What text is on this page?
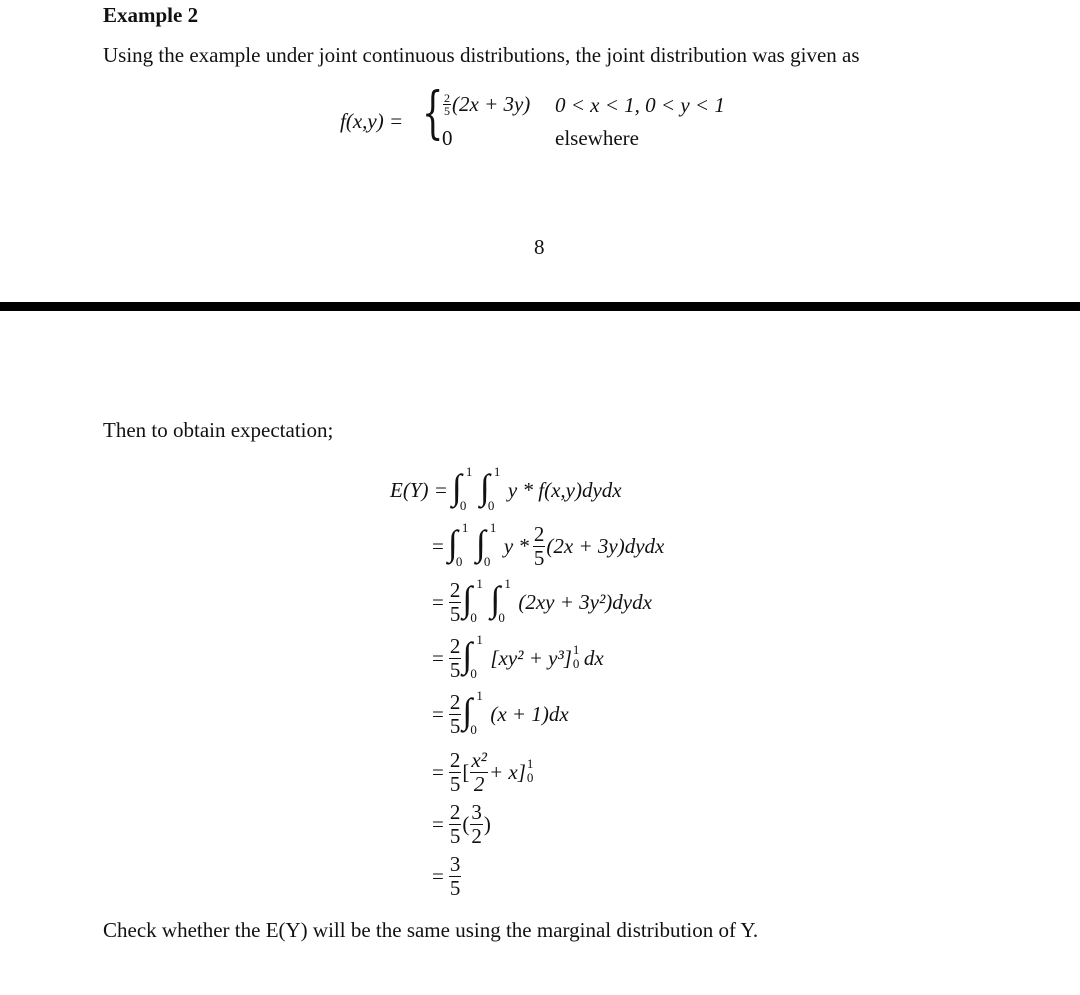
Example 2
Using the example under joint continuous distributions, the joint distribution was given as
f(x,y) = { $\frac{2}{5} (2x + 3y) 0 < x < 1$, 0 < y < 1
0	elsewhere
8
Then to obtain expectation;
E(Y) = ∫ 1
0 ∫ 1
0
y * f(x,y)dydx
= ∫ 1
0 ∫ 1
0
y * $\frac{2}{5} (2x$ + 3y)dydx
= $\frac{2}{5}$ ∫ 1
0 ∫ 1
0
(2xy + 3y²)dydx
= $\frac{2}{5}$ ∫ 1
0
[xy² + y³] 1
0 dx
= $\frac{2}{5}$ ∫ 1
0
(x + 1)dx
= $\frac{2}{5}$ [ $\frac{\text{x²}}{2} + x$] 1
0
= $\frac{2}{5}$ ( $\frac{3}{2}$ )
= $\frac{3}{5}$
Check whether the E(Y) will be the same using the marginal distribution of Y.
